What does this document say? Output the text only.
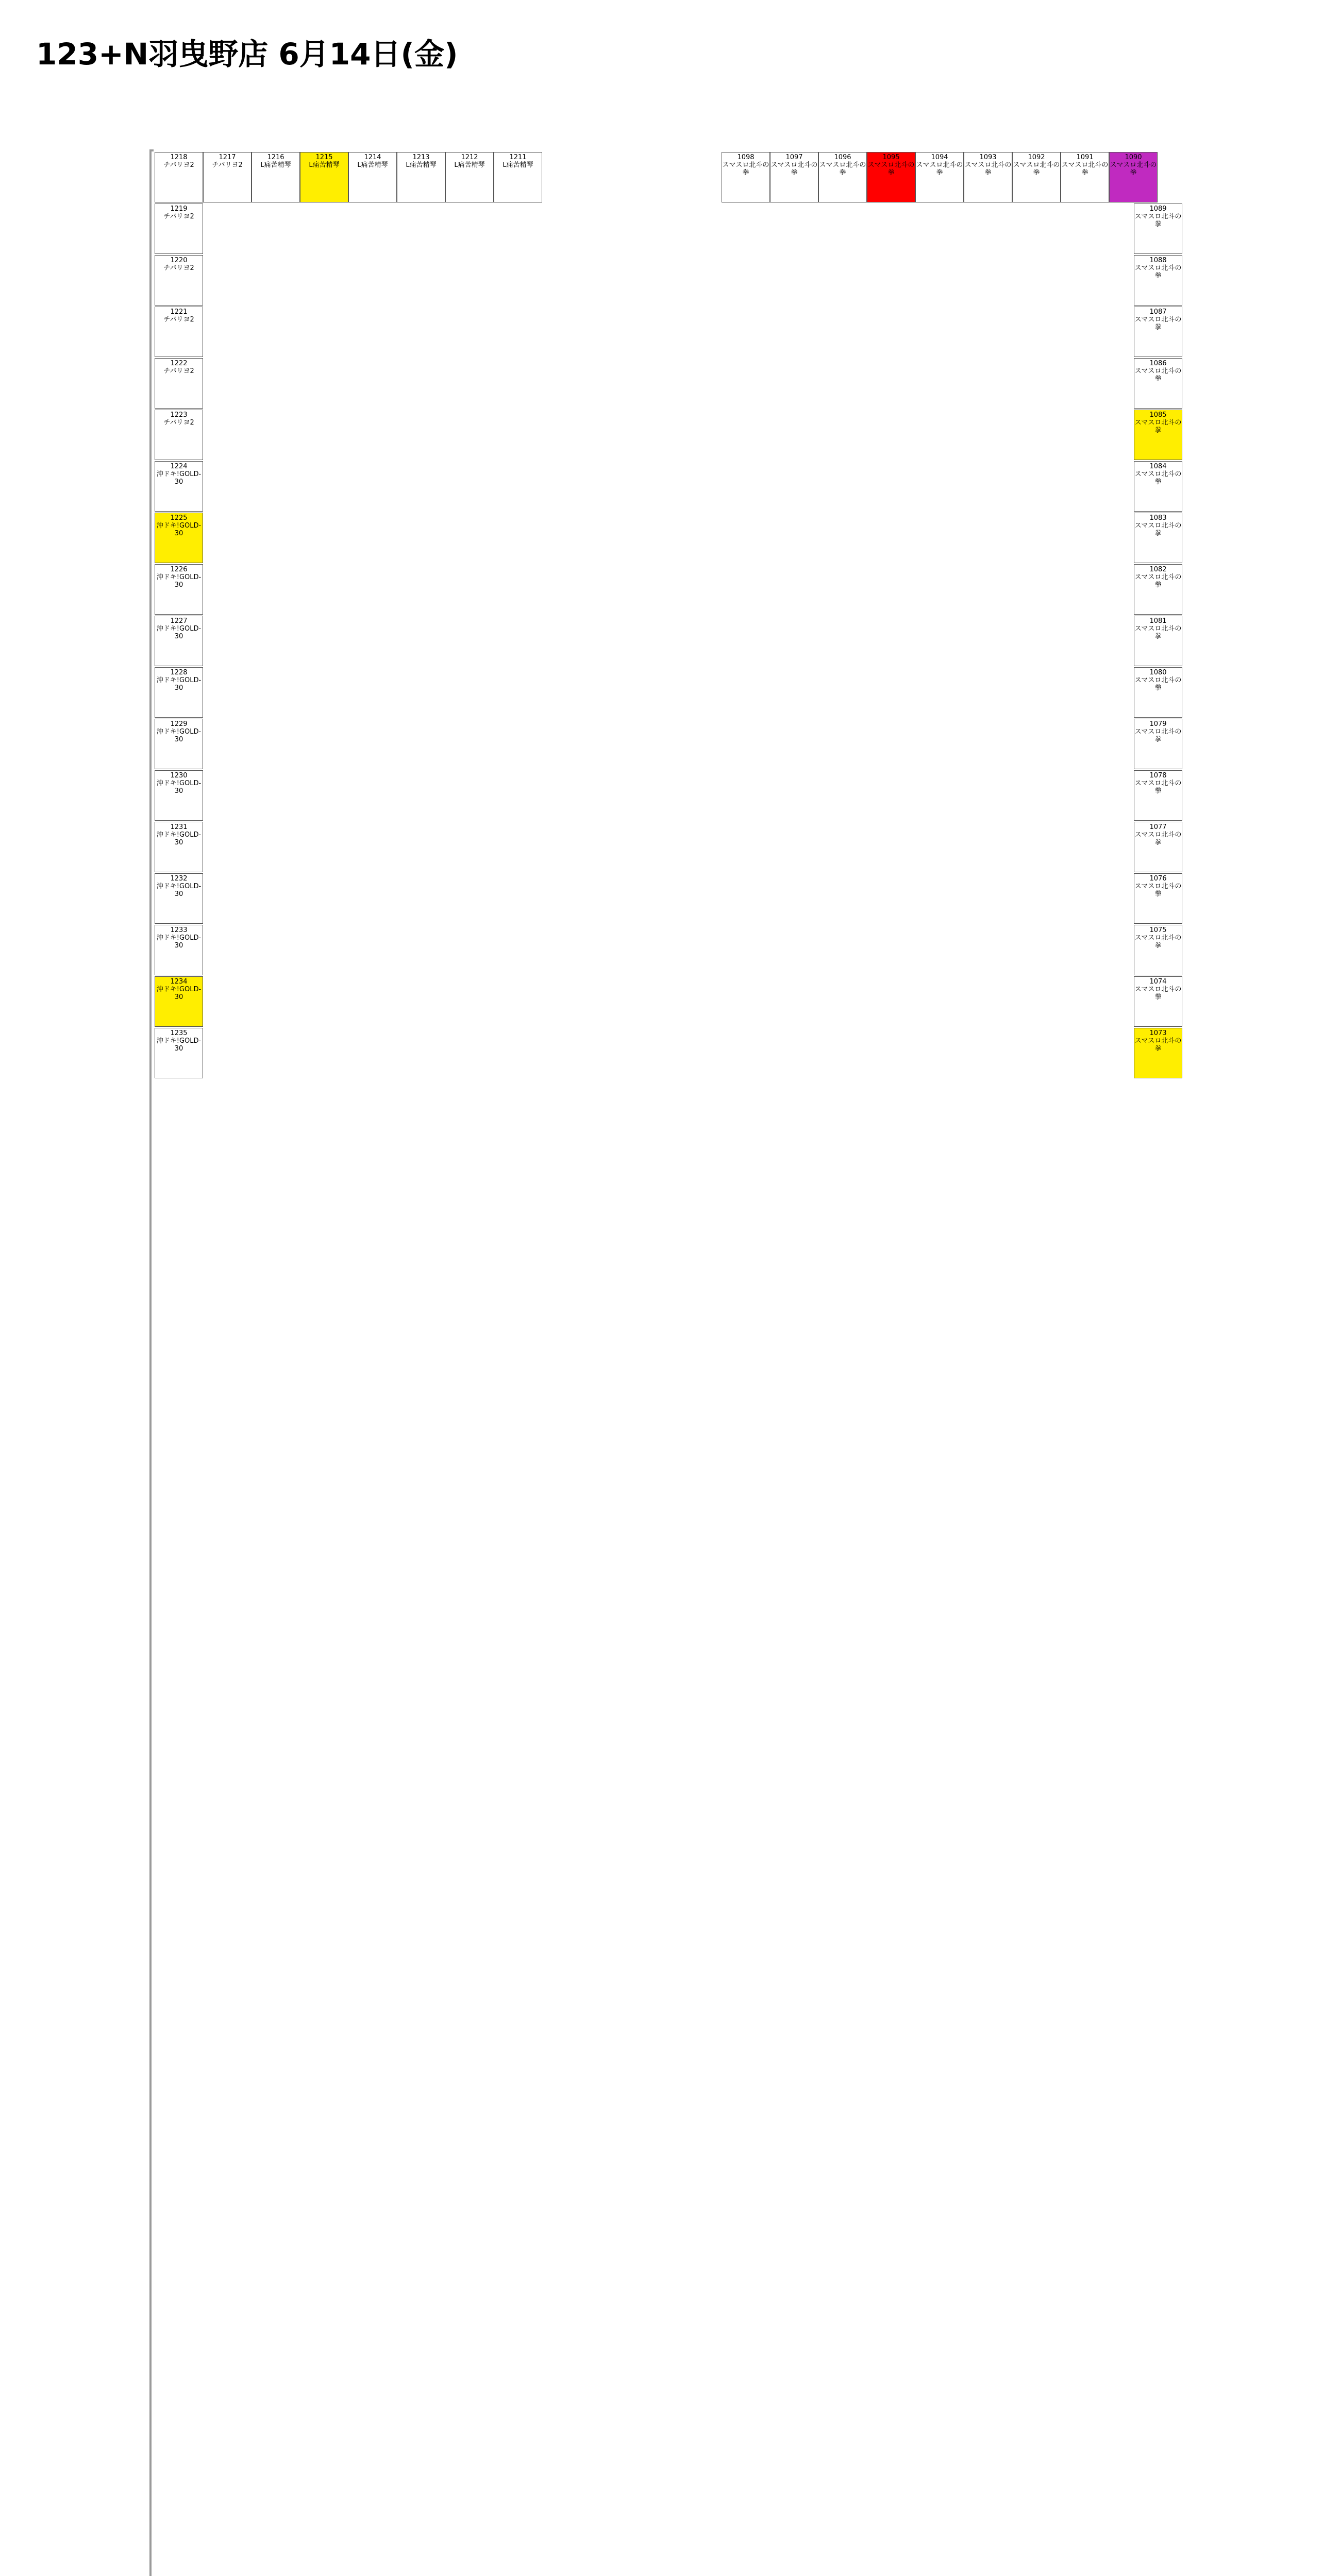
123+N羽曳野店 6月14日(金)
1218
チバリヨ2
1217
チバリヨ2
1216
L痛苦精琴
1215
L痛苦精琴
1214
L痛苦精琴
1213
L痛苦精琴
1212
L痛苦精琴
1211
L痛苦精琴
1098
スマスロ北斗の拳
1097
スマスロ北斗の拳
1096
スマスロ北斗の拳
1095
スマスロ北斗の拳
1094
スマスロ北斗の拳
1093
スマスロ北斗の拳
1092
スマスロ北斗の拳
1091
スマスロ北斗の拳
1090
スマスロ北斗の拳
1219
チバリヨ2
1220
チバリヨ2
1221
チバリヨ2
1222
チバリヨ2
1223
チバリヨ2
1224
沖ドキ!GOLD-30
1225
沖ドキ!GOLD-30
1226
沖ドキ!GOLD-30
1227
沖ドキ!GOLD-30
1228
沖ドキ!GOLD-30
1229
沖ドキ!GOLD-30
1230
沖ドキ!GOLD-30
1231
沖ドキ!GOLD-30
1232
沖ドキ!GOLD-30
1233
沖ドキ!GOLD-30
1234
沖ドキ!GOLD-30
1235
沖ドキ!GOLD-30
1089
スマスロ北斗の拳
1088
スマスロ北斗の拳
1087
スマスロ北斗の拳
1086
スマスロ北斗の拳
1085
スマスロ北斗の拳
1084
スマスロ北斗の拳
1083
スマスロ北斗の拳
1082
スマスロ北斗の拳
1081
スマスロ北斗の拳
1080
スマスロ北斗の拳
1079
スマスロ北斗の拳
1078
スマスロ北斗の拳
1077
スマスロ北斗の拳
1076
スマスロ北斗の拳
1075
スマスロ北斗の拳
1074
スマスロ北斗の拳
1073
スマスロ北斗の拳
